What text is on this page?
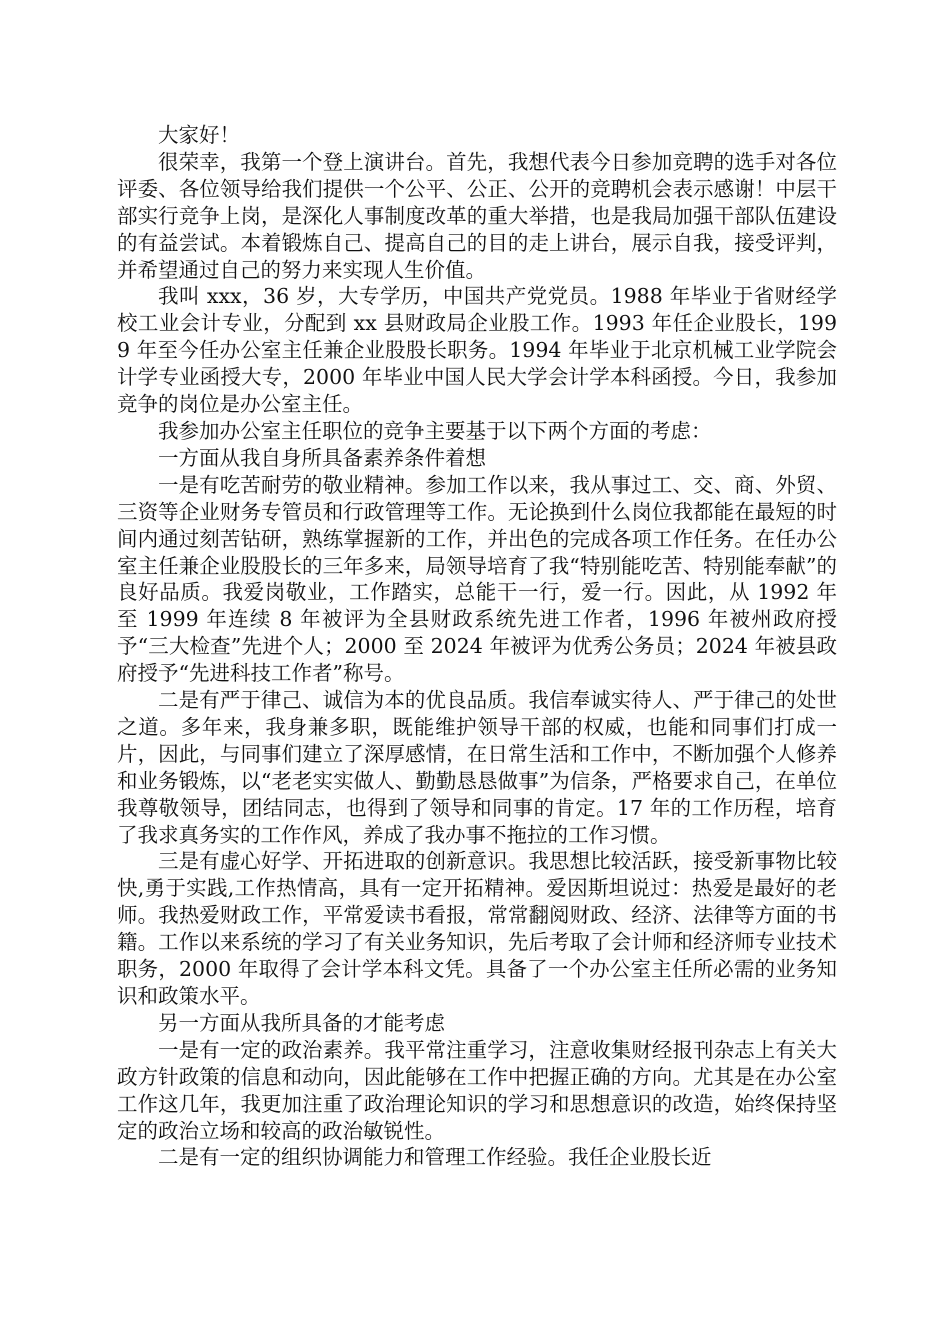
大家好！

很荣幸，我第一个登上演讲台。首先，我想代表今日参加竞聘的选手对各位评委、各位领导给我们提供一个公平、公正、公开的竞聘机会表示感谢！中层干部实行竞争上岗，是深化人事制度改革的重大举措，也是我局加强干部队伍建设的有益尝试。本着锻炼自己、提高自己的目的走上讲台，展示自我，接受评判，并希望通过自己的努力来实现人生价值。

我叫 xxx，36 岁，大专学历，中国共产党党员。1988 年毕业于省财经学校工业会计专业，分配到 xx 县财政局企业股工作。1993 年任企业股长，1999 年至今任办公室主任兼企业股股长职务。1994 年毕业于北京机械工业学院会计学专业函授大专，2000 年毕业中国人民大学会计学本科函授。今日，我参加竞争的岗位是办公室主任。

我参加办公室主任职位的竞争主要基于以下两个方面的考虑：

一方面从我自身所具备素养条件着想

一是有吃苦耐劳的敬业精神。参加工作以来，我从事过工、交、商、外贸、三资等企业财务专管员和行政管理等工作。无论换到什么岗位我都能在最短的时间内通过刻苦钻研，熟练掌握新的工作，并出色的完成各项工作任务。在任办公室主任兼企业股股长的三年多来，局领导培育了我“特别能吃苦、特别能奉献”的良好品质。我爱岗敬业，工作踏实，总能干一行，爱一行。因此，从 1992 年至 1999 年连续 8 年被评为全县财政系统先进工作者，1996 年被州政府授予“三大检查”先进个人；2000 至 2024 年被评为优秀公务员；2024 年被县政府授予“先进科技工作者”称号。

二是有严于律己、诚信为本的优良品质。我信奉诚实待人、严于律己的处世之道。多年来，我身兼多职，既能维护领导干部的权威，也能和同事们打成一片，因此，与同事们建立了深厚感情，在日常生活和工作中，不断加强个人修养和业务锻炼，以“老老实实做人、勤勤恳恳做事”为信条，严格要求自己，在单位我尊敬领导，团结同志，也得到了领导和同事的肯定。17 年的工作历程，培育了我求真务实的工作作风，养成了我办事不拖拉的工作习惯。

三是有虚心好学、开拓进取的创新意识。我思想比较活跃，接受新事物比较快,勇于实践,工作热情高，具有一定开拓精神。爱因斯坦说过：热爱是最好的老师。我热爱财政工作，平常爱读书看报，常常翻阅财政、经济、法律等方面的书籍。工作以来系统的学习了有关业务知识，先后考取了会计师和经济师专业技术职务，2000 年取得了会计学本科文凭。具备了一个办公室主任所必需的业务知识和政策水平。

另一方面从我所具备的才能考虑

一是有一定的政治素养。我平常注重学习，注意收集财经报刊杂志上有关大政方针政策的信息和动向，因此能够在工作中把握正确的方向。尤其是在办公室工作这几年，我更加注重了政治理论知识的学习和思想意识的改造，始终保持坚定的政治立场和较高的政治敏锐性。

二是有一定的组织协调能力和管理工作经验。我任企业股长近
